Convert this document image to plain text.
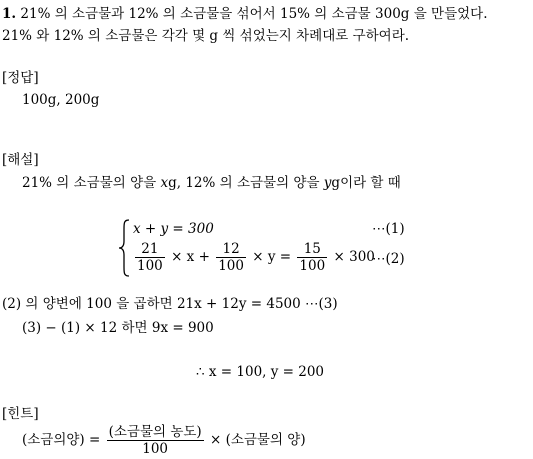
1. 21% 의 소금물과 12% 의 소금물을 섞어서 15% 의 소금물 300g 을 만들었다.
21% 와 12% 의 소금물은 각각 몇 g 씩 섞었는지 차례대로 구하여라.
[정답]
100g, 200g
[해설]
21% 의 소금물의 양을 xg, 12% 의 소금물의 양을 yg이라 할 때
x + y = 300	⋯(1)
$\frac{21}{100} \times x + \frac{12}{100} \times y = \frac{15}{100} \times 300$
⋯(2)
(2) 의 양변에 100 을 곱하면 21x + 12y = 4500 ⋯(3)
(3) − (1) × 12 하면 9x = 900
∴ x = 100, y = 200
[힌트]
(소금의양) = $\frac{\text{(소금물의 농도)}}{100}$ × (소금물의 양)
